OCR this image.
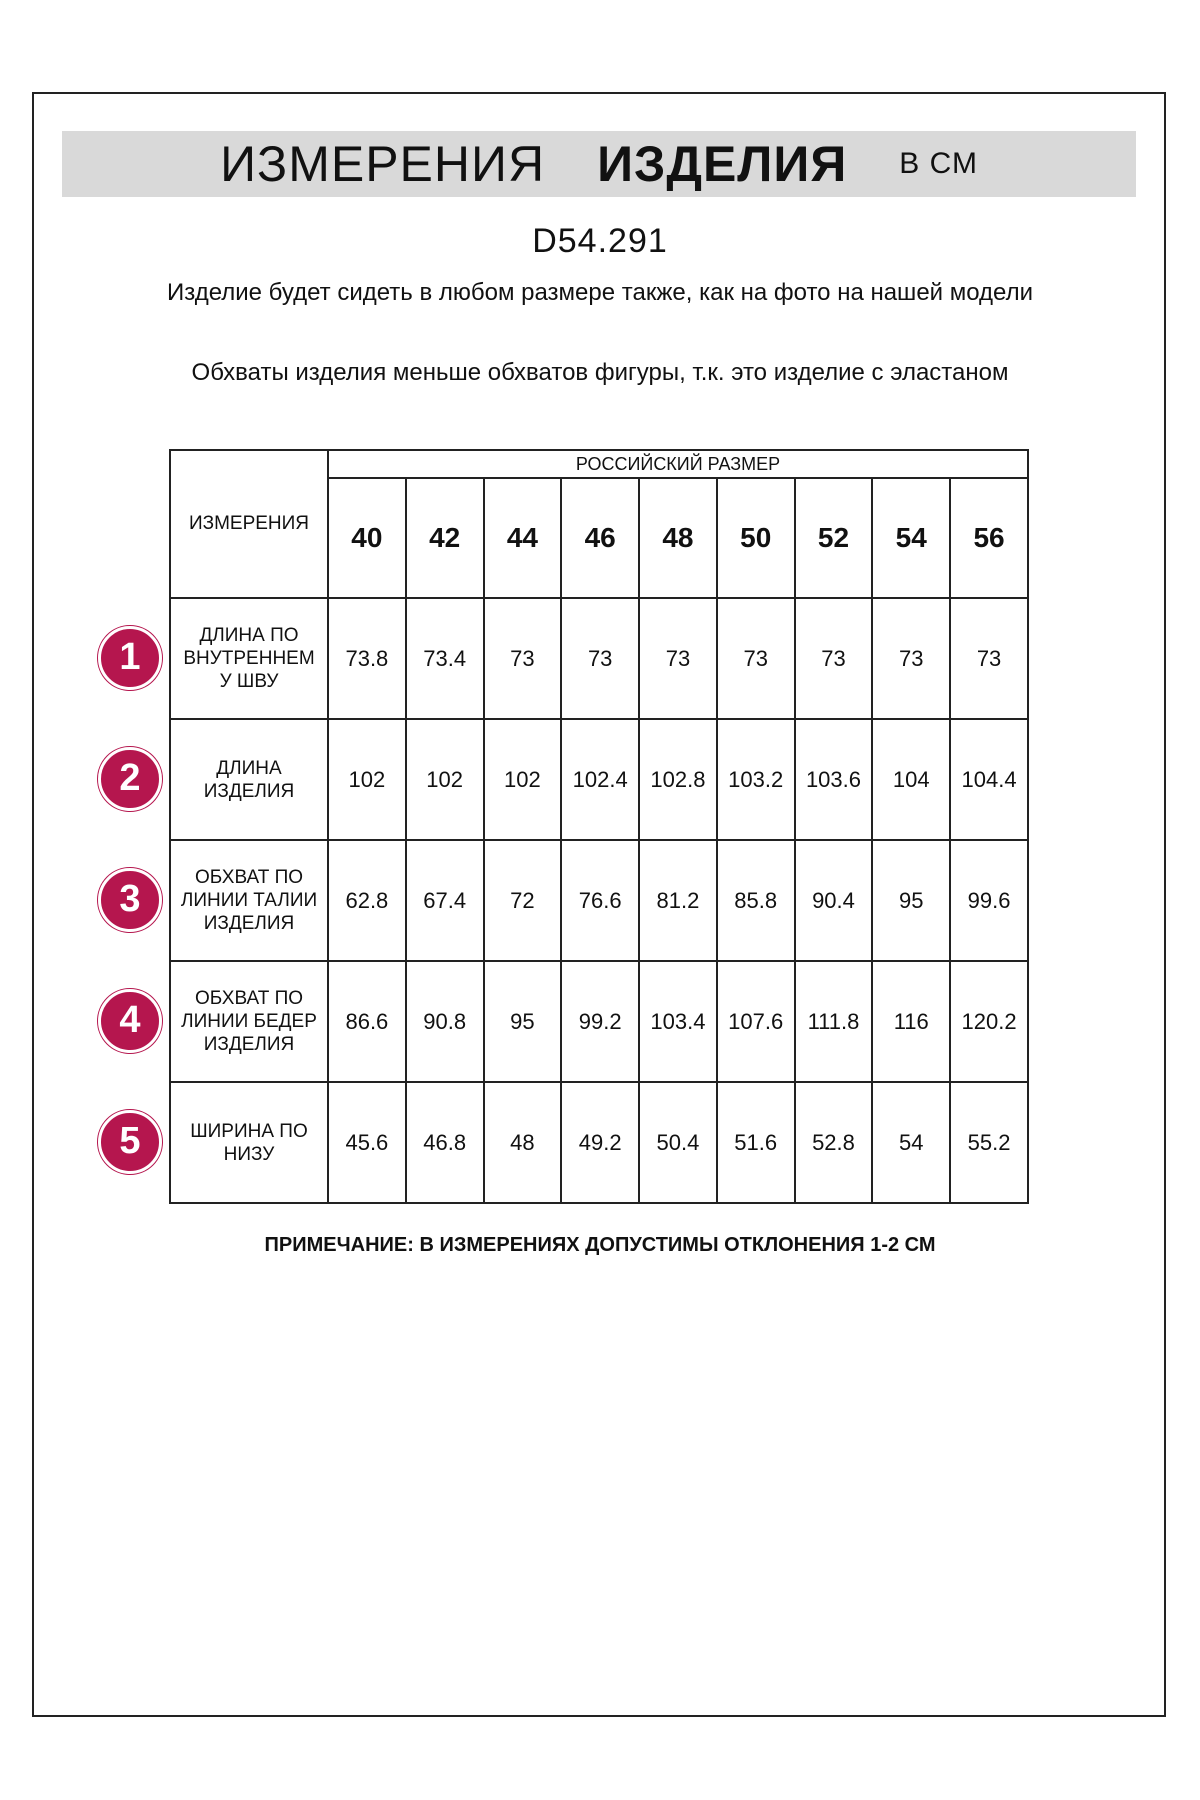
ИЗМЕРЕНИЯ ИЗДЕЛИЯ В СМ
D54.291
Изделие будет сидеть в любом размере также, как на фото на нашей модели
Обхваты изделия меньше обхватов фигуры, т.к. это изделие с эластаном
ИЗМЕРЕНИЯ	РОССИЙСКИЙ РАЗМЕР								
	40	42	44	46	48	50	52	54	56

ДЛИНА ПО
ВНУТРЕННЕМ
У ШВУ	73.8	73.4	73	73	73	73	73	73	73

ДЛИНА
ИЗДЕЛИЯ	102	102	102	102.4	102.8	103.2	103.6	104	104.4

ОБХВАТ ПО
ЛИНИИ ТАЛИИ
ИЗДЕЛИЯ	62.8	67.4	72	76.6	81.2	85.8	90.4	95	99.6

ОБХВАТ ПО
ЛИНИИ БЕДЕР
ИЗДЕЛИЯ	86.6	90.8	95	99.2	103.4	107.6	111.8	116	120.2

ШИРИНА ПО
НИЗУ	45.6	46.8	48	49.2	50.4	51.6	52.8	54	55.2
1
2
3
4
5
ПРИМЕЧАНИЕ: В ИЗМЕРЕНИЯХ ДОПУСТИМЫ ОТКЛОНЕНИЯ 1-2 СМ
